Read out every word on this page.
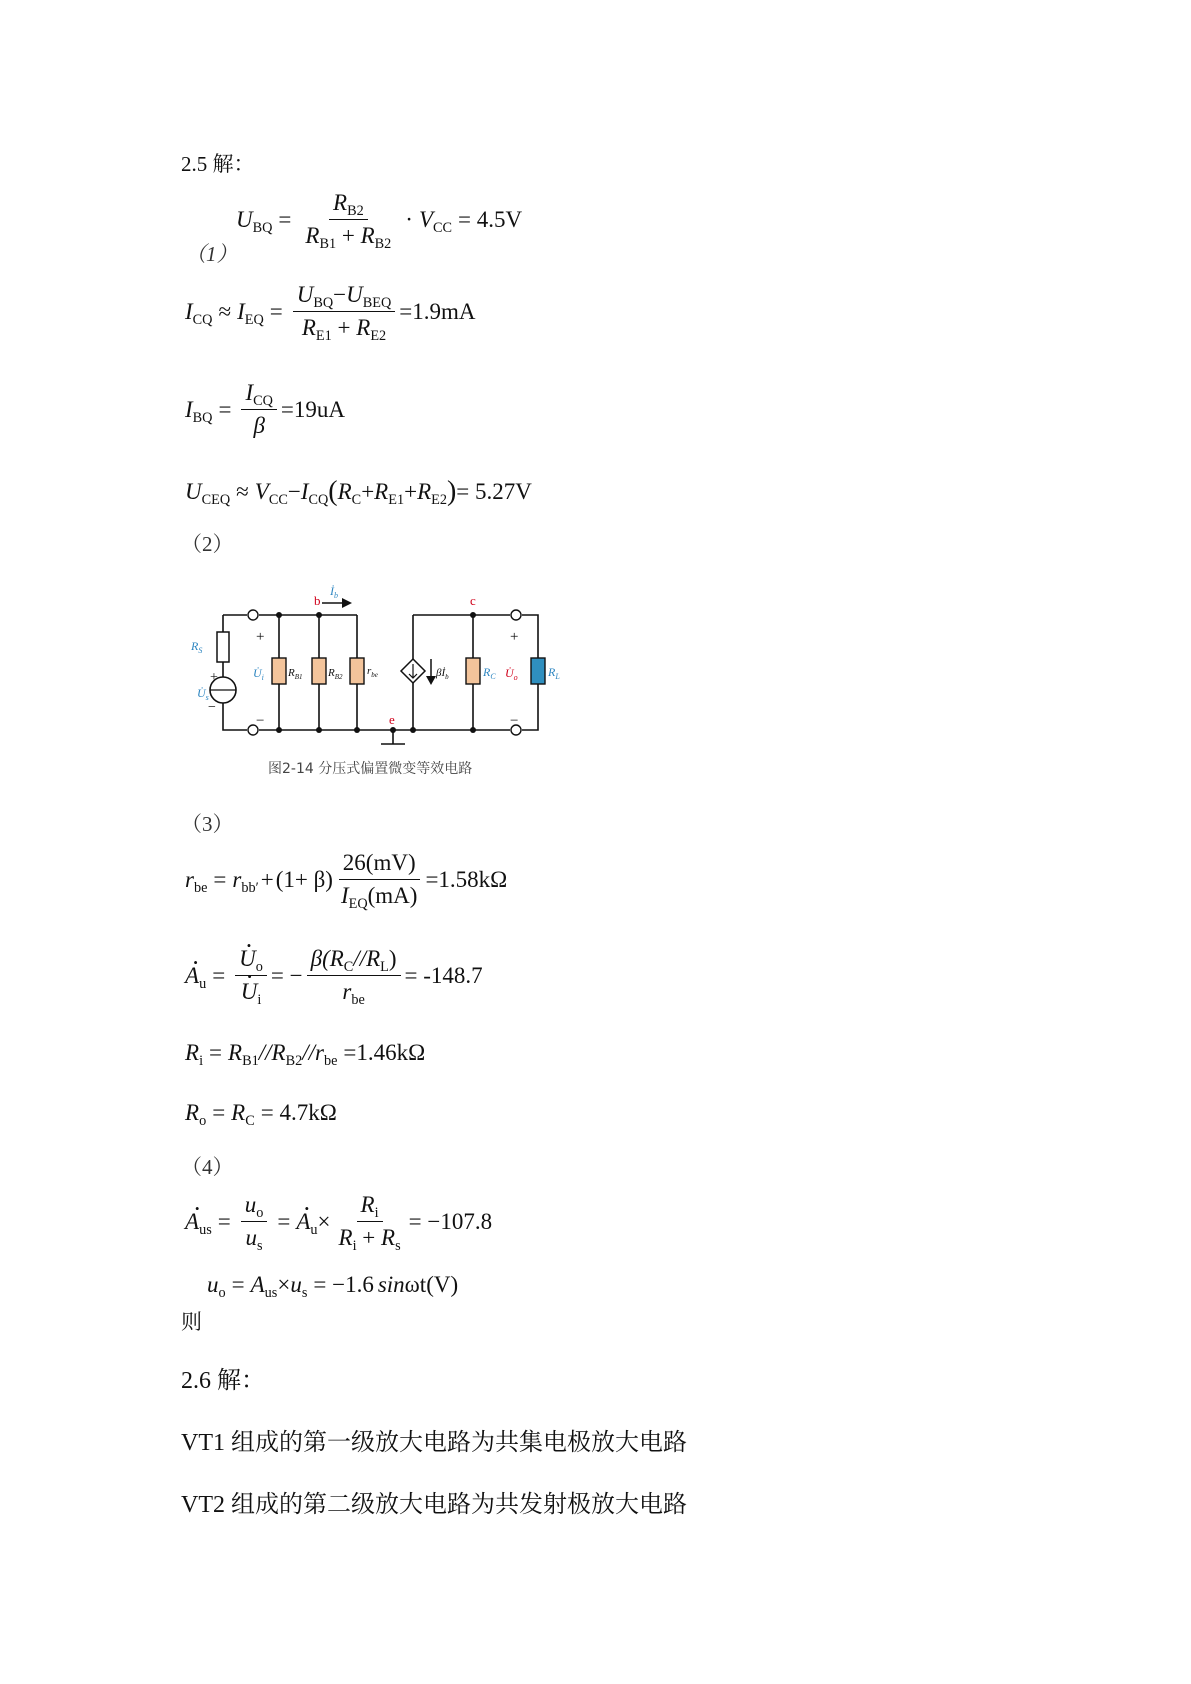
2.5 解：
（1）
$U_{BQ} = \frac{R_{B2}}{R_{B1} + R_{B2}} \cdot V_{CC} = 4.5V$
$I_{CQ} \approx I_{EQ} = \frac{U_{BQ}-U_{BEQ}}{R_{E1} + R_{E2}} =1.9mA$
$I_{BQ} = \frac{I_{CQ}}{\beta} =19uA$
$U_{CEQ} \approx V_{CC} - I_{CQ}$ ( $R_C + R_{E1} + R_{E2}$ ) = 5.27V
（2）
b	c
e
$İ_b$
$R_S$
$U̇_s$
+
−
+
−
$U̇_i$ $R_{B1}$ $R_{B2}$ $r_{be}$	$\beta İ_b$	$R_C$ $U̇_o$
+
−
$R_L$
图2-14 分压式偏置微变等效电路
（3）
$r_{be} = r_{bb'} + (1+ \beta) \frac{26(mV)}{I_{EQ}(mA)} =1.58k\Omega$
· $A_u$ = · $U_o$
· $U_i$ = − $\frac{\beta(R_C//R_L)}{r_{be}} = -148.7$
$R_i = R_{B1}//R_{B2}//r_{be} =1.46k\Omega$
$R_o = R_C = 4.7k\Omega$
（4）
· $A_{us} = \frac{u_o}{u_s}$ = · $A_u \times \frac{R_i}{R_i + R_s} = -107.8$
$u_o = A_{us} \times u_s = -1.6$ sin ωt(V)
则
2.6 解：
VT1 组成的第一级放大电路为共集电极放大电路
VT2 组成的第二级放大电路为共发射极放大电路
